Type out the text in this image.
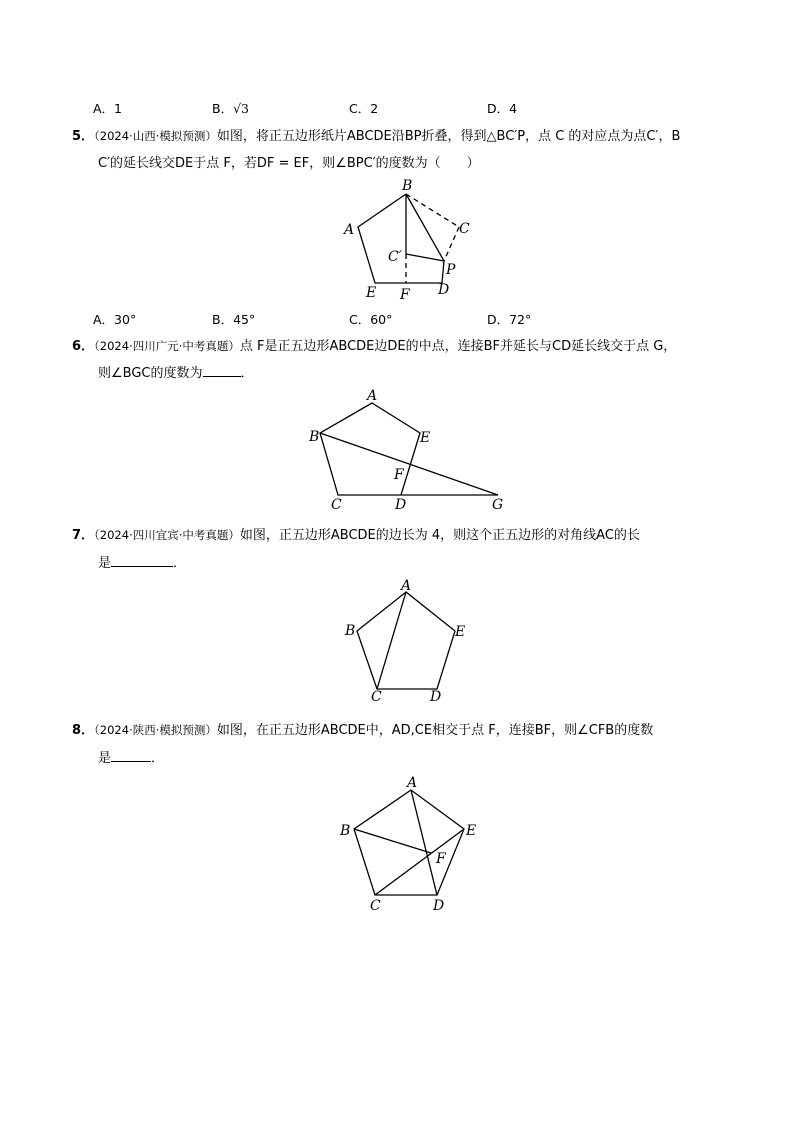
A．1	B．√3	C．2	D．4
5．（2024·山西·模拟预测）如图，将正五边形纸片ABCDE沿BP折叠，得到△BC′P，点 C 的对应点为点C′，B
C′的延长线交DE于点 F，若DF = EF，则∠BPC′的度数为（　　）
B
A	C
C′
P
E F D
A．30°	B．45°	C．60°	D．72°
6．（2024·四川广元·中考真题）点 F是正五边形ABCDE边DE的中点，连接BF并延长与CD延长线交于点 G，
则∠BGC的度数为	．
A
B	E
F
C	D	G
7．（2024·四川宜宾·中考真题）如图，正五边形ABCDE的边长为 4，则这个正五边形的对角线AC的长
是	．
A
B	E
C	D
8．（2024·陕西·模拟预测）如图，在正五边形ABCDE中，AD,CE相交于点 F，连接BF，则∠CFB的度数
是	．
A
B	E
F
C	D
